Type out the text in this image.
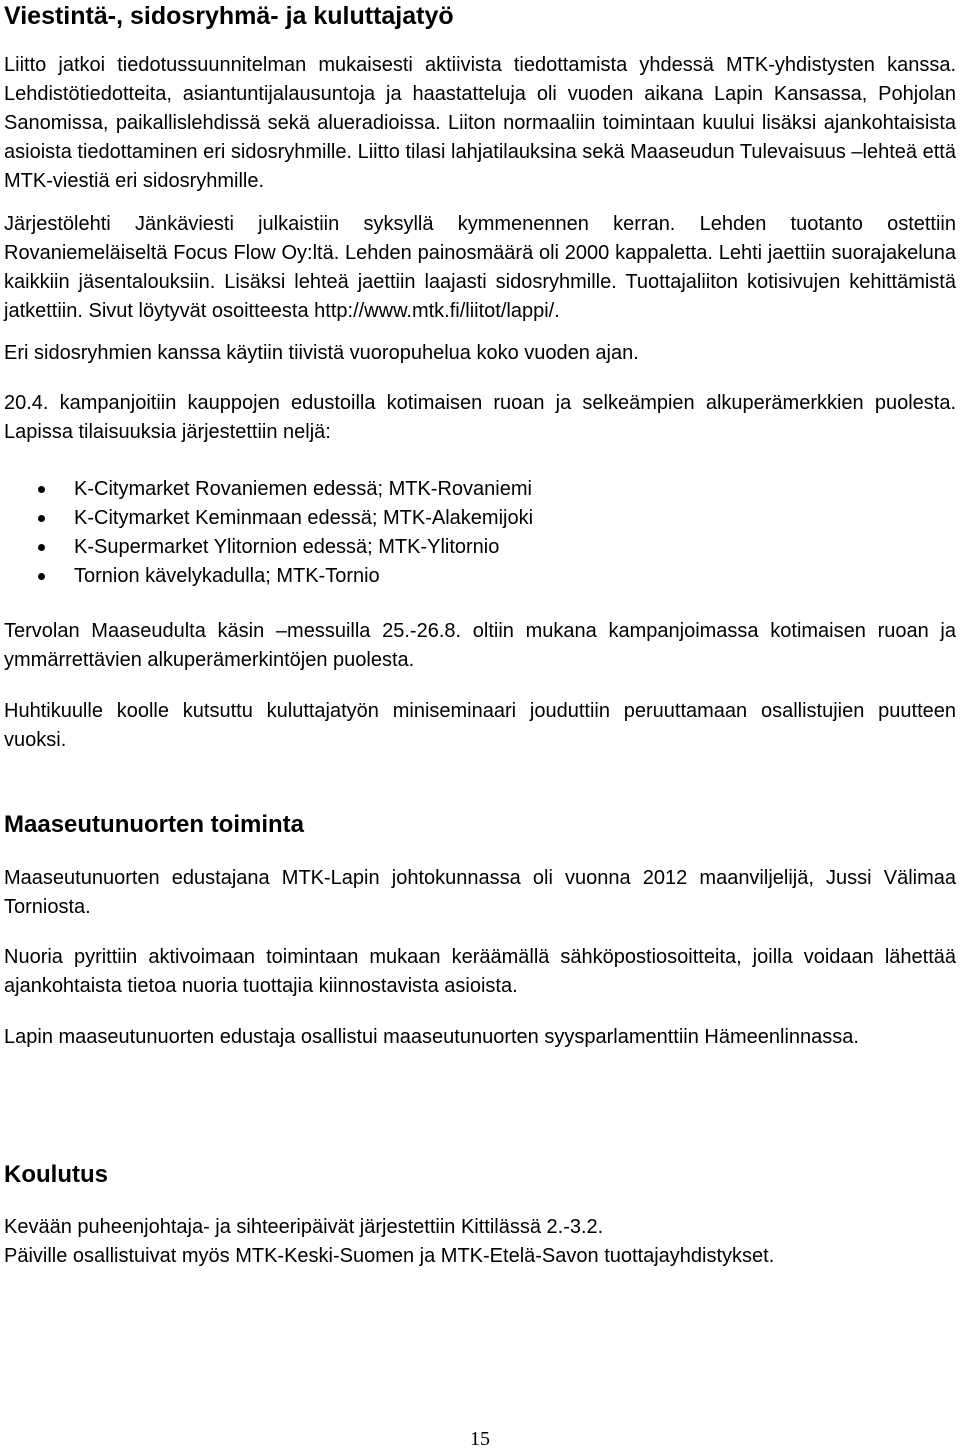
Viestintä-, sidosryhmä- ja kuluttajatyö

Liitto jatkoi tiedotussuunnitelman mukaisesti aktiivista tiedottamista yhdessä MTK-yhdistysten kanssa. Lehdistötiedotteita, asiantuntijalausuntoja ja haastatteluja oli vuoden aikana Lapin Kansassa, Pohjolan Sanomissa, paikallislehdissä sekä alueradioissa. Liiton normaaliin toimintaan kuului lisäksi ajankohtaisista asioista tiedottaminen eri sidosryhmille. Liitto tilasi lahjatilauksina sekä Maaseudun Tulevaisuus –lehteä että MTK-viestiä eri sidosryhmille.

Järjestölehti Jänkäviesti julkaistiin syksyllä kymmenennen kerran. Lehden tuotanto ostettiin Rovaniemeläiseltä Focus Flow Oy:ltä. Lehden painosmäärä oli 2000 kappaletta. Lehti jaettiin suorajakeluna kaikkiin jäsentalouksiin. Lisäksi lehteä jaettiin laajasti sidosryhmille. Tuottajaliiton kotisivujen kehittämistä jatkettiin. Sivut löytyvät osoitteesta http://www.mtk.fi/liitot/lappi/.

Eri sidosryhmien kanssa käytiin tiivistä vuoropuhelua koko vuoden ajan.

20.4. kampanjoitiin kauppojen edustoilla kotimaisen ruoan ja selkeämpien alkuperämerkkien puolesta. Lapissa tilaisuuksia järjestettiin neljä:

K-Citymarket Rovaniemen edessä; MTK-Rovaniemi
K-Citymarket Keminmaan edessä; MTK-Alakemijoki
K-Supermarket Ylitornion edessä; MTK-Ylitornio
Tornion kävelykadulla; MTK-Tornio

Tervolan Maaseudulta käsin –messuilla 25.-26.8. oltiin mukana kampanjoimassa kotimaisen ruoan ja ymmärrettävien alkuperämerkintöjen puolesta.

Huhtikuulle koolle kutsuttu kuluttajatyön miniseminaari jouduttiin peruuttamaan osallistujien puutteen vuoksi.

Maaseutunuorten toiminta

Maaseutunuorten edustajana MTK-Lapin johtokunnassa oli vuonna 2012 maanviljelijä, Jussi Välimaa Torniosta.

Nuoria pyrittiin aktivoimaan toimintaan mukaan keräämällä sähköpostiosoitteita, joilla voidaan lähettää ajankohtaista tietoa nuoria tuottajia kiinnostavista asioista.

Lapin maaseutunuorten edustaja osallistui maaseutunuorten syysparlamenttiin Hämeenlinnassa.

Koulutus

Kevään puheenjohtaja- ja sihteeripäivät järjestettiin Kittilässä 2.-3.2.

Päiville osallistuivat myös MTK-Keski-Suomen ja MTK-Etelä-Savon tuottajayhdistykset.

15
